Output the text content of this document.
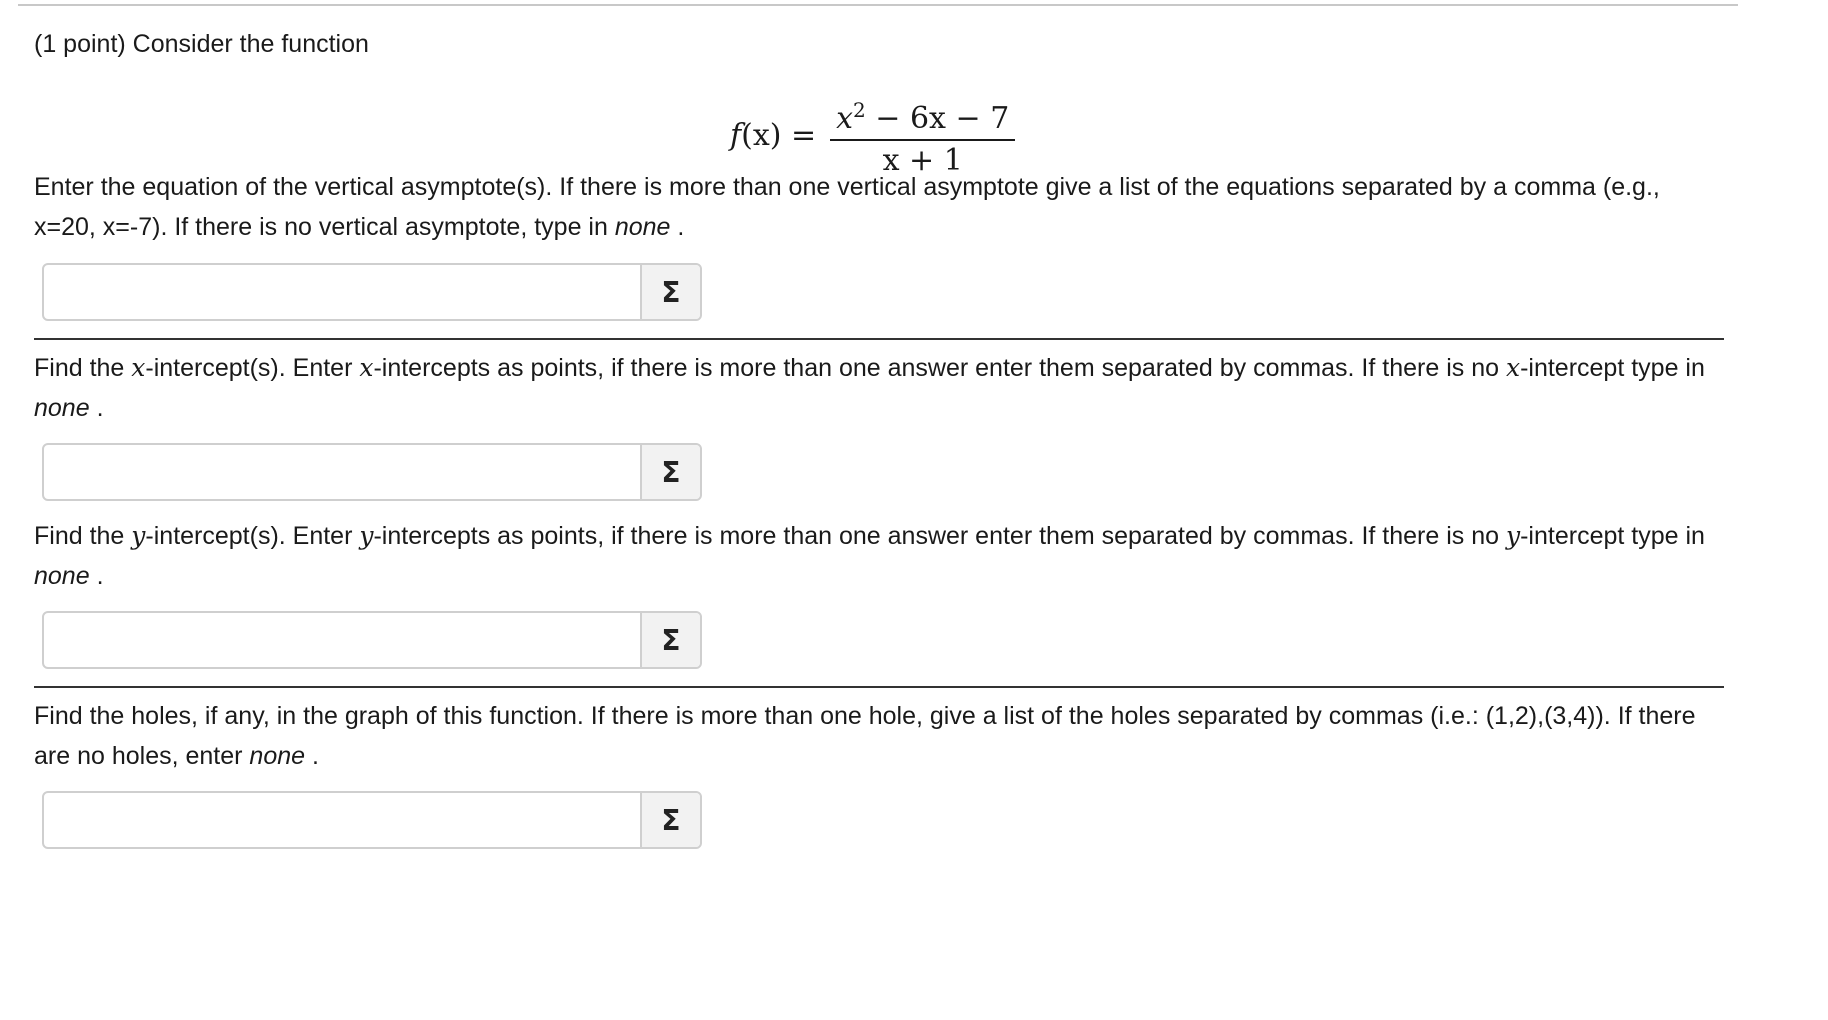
(1 point) Consider the function

$f(x) = \frac{x^2 - 6x - 7}{x + 1}$

Enter the equation of the vertical asymptote(s). If there is more than one vertical asymptote give a list of the equations separated by a comma (e.g., x=20, x=-7). If there is no vertical asymptote, type in none .

Σ

Find the x-intercept(s). Enter x-intercepts as points, if there is more than one answer enter them separated by commas. If there is no x-intercept type in none .

Σ

Find the y-intercept(s). Enter y-intercepts as points, if there is more than one answer enter them separated by commas. If there is no y-intercept type in none .

Σ

Find the holes, if any, in the graph of this function. If there is more than one hole, give a list of the holes separated by commas (i.e.: (1,2),(3,4)). If there are no holes, enter none .

Σ
